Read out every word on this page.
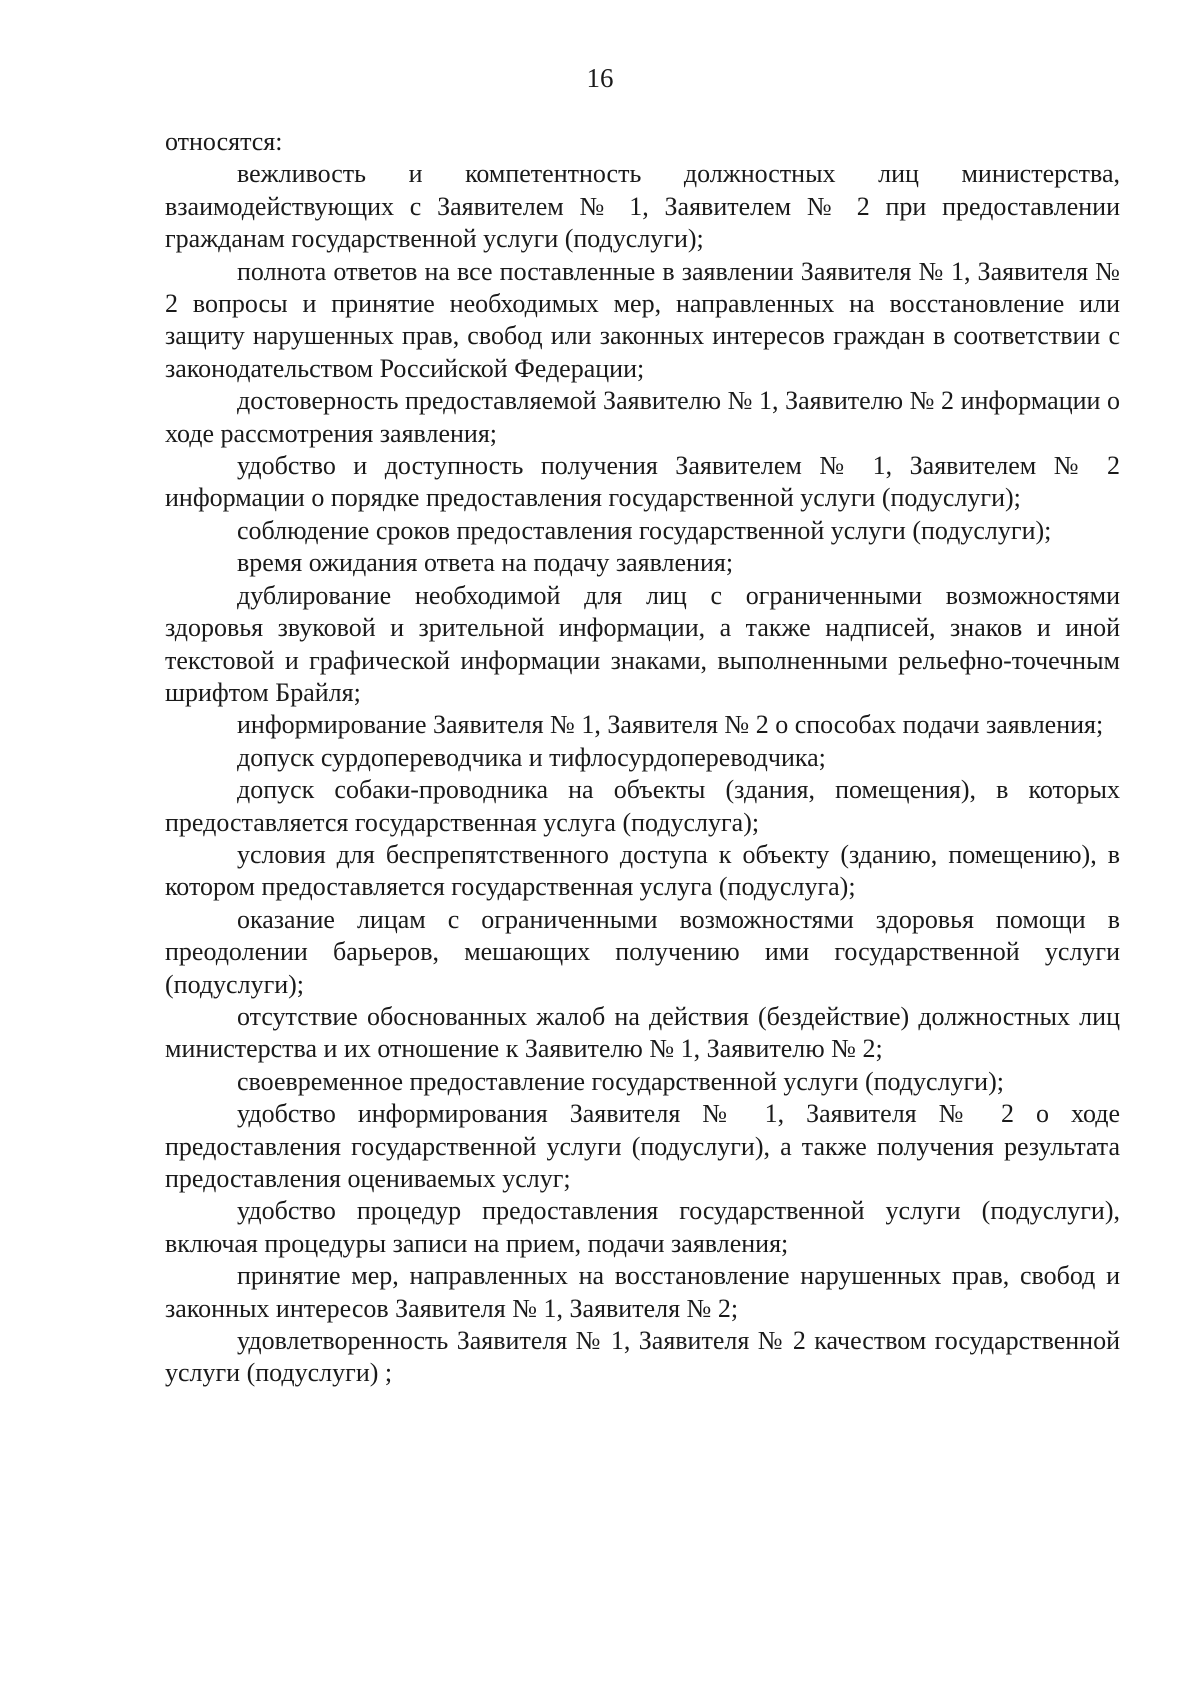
16

относятся:

вежливость и компетентность должностных лиц министерства, взаимодействующих с Заявителем № 1, Заявителем № 2 при предоставлении гражданам государственной услуги (подуслуги);

полнота ответов на все поставленные в заявлении Заявителя № 1, Заявителя № 2 вопросы и принятие необходимых мер, направленных на восстановление или защиту нарушенных прав, свобод или законных интересов граждан в соответствии с законодательством Российской Федерации;

достоверность предоставляемой Заявителю № 1, Заявителю № 2 информации о ходе рассмотрения заявления;

удобство и доступность получения Заявителем № 1, Заявителем № 2 информации о порядке предоставления государственной услуги (подуслуги);

соблюдение сроков предоставления государственной услуги (подуслуги);

время ожидания ответа на подачу заявления;

дублирование необходимой для лиц с ограниченными возможностями здоровья звуковой и зрительной информации, а также надписей, знаков и иной текстовой и графической информации знаками, выполненными рельефно-точечным шрифтом Брайля;

информирование Заявителя № 1, Заявителя № 2 о способах подачи заявления;

допуск сурдопереводчика и тифлосурдопереводчика;

допуск собаки-проводника на объекты (здания, помещения), в которых предоставляется государственная услуга (подуслуга);

условия для беспрепятственного доступа к объекту (зданию, помещению), в котором предоставляется государственная услуга (подуслуга);

оказание лицам с ограниченными возможностями здоровья помощи в преодолении барьеров, мешающих получению ими государственной услуги (подуслуги);

отсутствие обоснованных жалоб на действия (бездействие) должностных лиц министерства и их отношение к Заявителю № 1, Заявителю № 2;

своевременное предоставление государственной услуги (подуслуги);

удобство информирования Заявителя № 1, Заявителя № 2 о ходе предоставления государственной услуги (подуслуги), а также получения результата предоставления оцениваемых услуг;

удобство процедур предоставления государственной услуги (подуслуги), включая процедуры записи на прием, подачи заявления;

принятие мер, направленных на восстановление нарушенных прав, свобод и законных интересов Заявителя № 1, Заявителя № 2;

удовлетворенность Заявителя № 1, Заявителя № 2 качеством государственной услуги (подуслуги) ;
